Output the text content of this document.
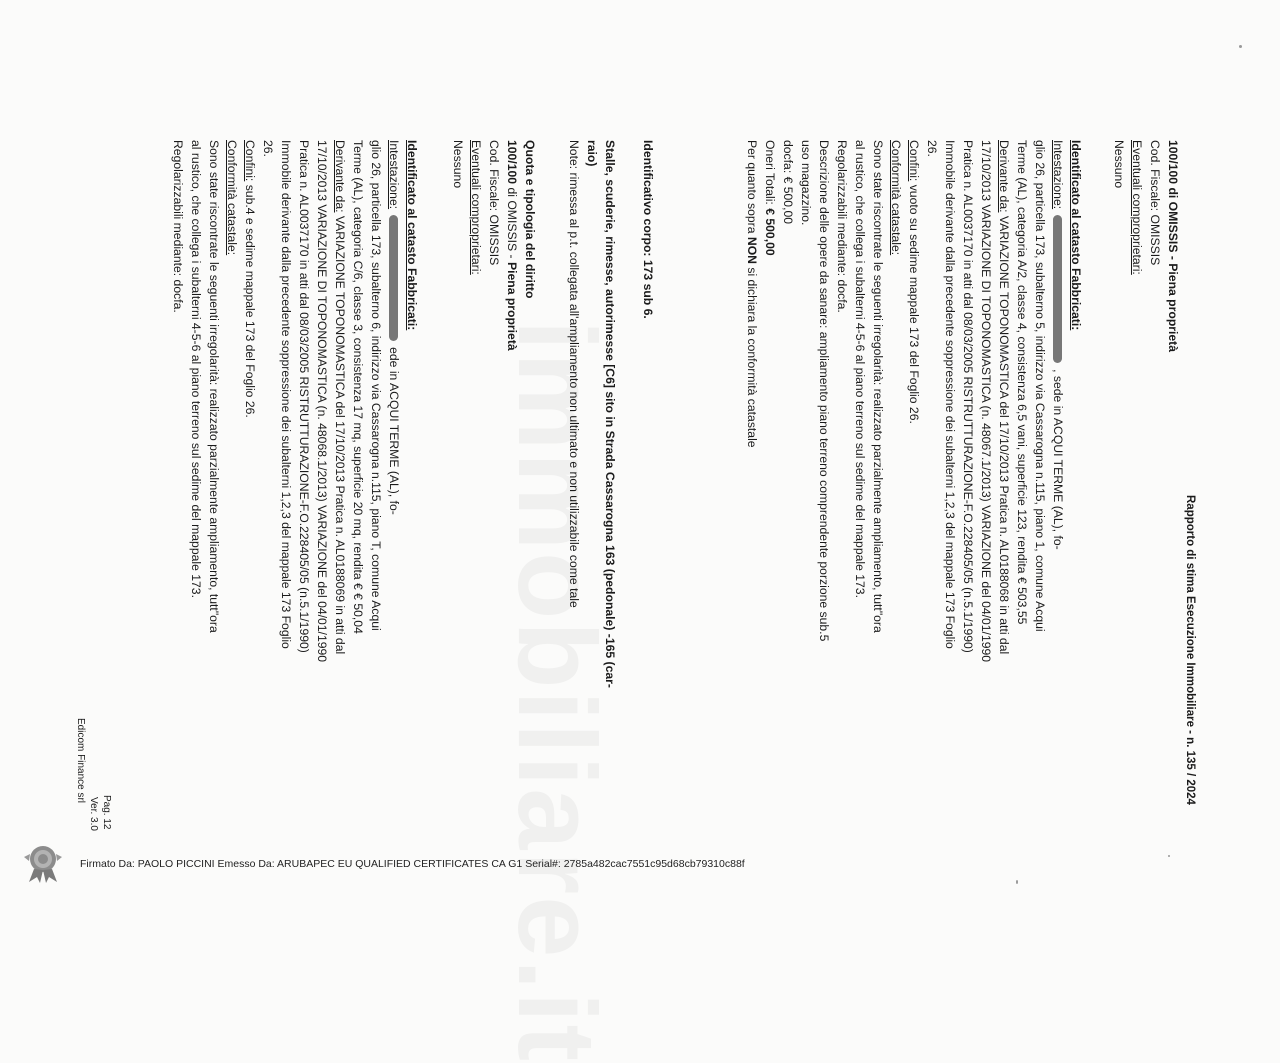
Rapporto di stima Esecuzione Immobiliare - n. 135 / 2024
Pag. 12
Ver. 3.0
Edicom Finance srl
100/100 di OMISSIS - Piena proprietà
Cod. Fiscale: OMISSIS
Eventuali comproprietari:
Nessuno
Identificato al catasto Fabbricati:
Intestazione:, sede in ACQUI TERME (AL), fo-
glio 26, particella 173, subalterno 5, indirizzo via Cassarogna n.115, piano 1, comune Acqui
Terme (AL), categoria A/2, classe 4, consistenza 6,5 vani, superficie 123, rendita € 503,55
Derivante da: VARIAZIONE TOPONOMASTICA del 17/10/2013 Pratica n. AL0188068 in atti dal
17/10/2013 VARIAZIONE DI TOPONOMASTICA (n. 48067.1/2013) VARIAZIONE del 04/01/1990
Pratica n. AL0037170 in atti dal 08/03/2005 RISTRUTTURAZIONE-F.O.228405/05 (n.5.1/1990)
Immobile derivante dalla precedente soppressione dei subalterni 1,2,3 del mappale 173 Foglio
26.
Confini: vuoto su sedime mappale 173 del Foglio 26.
Conformità catastale:
Sono state riscontrate le seguenti irregolarità: realizzato parzialmente ampliamento, tutt"ora
al rustico, che collega i subalterni 4-5-6 al piano terreno sul sedime del mappale 173.
Regolarizzabili mediante: docfa.
Descrizione delle opere da sanare: ampliamento piano terreno comprendente porzione sub.5
uso magazzino.
docfa: € 500,00
Oneri Totali: € 500,00
Per quanto sopra NON si dichiara la conformità catastale
Identificativo corpo: 173 sub 6.
Stalle, scuderie, rimesse, autorimesse [C6] sito in Strada Cassarogna 163 (pedonale) -165 (car-
raio)
Note: rimessa al p.t. collegata all'ampliamento non ultimato e non utilizzabile come tale
Quota e tipologia del diritto
100/100 di OMISSIS - Piena proprietà
Cod. Fiscale: OMISSIS
Eventuali comproprietari:
Nessuno
Identificato al catasto Fabbricati:
Intestazione:ede in ACQUI TERME (AL), fo-
glio 26, particella 173, subalterno 6, indirizzo via Cassarogna n.115, piano T, comune Acqui
Terme (AL), categoria C/6, classe 3, consistenza 17 mq, superficie 20 mq, rendita € € 50,04
Derivante da: VARIAZIONE TOPONOMASTICA del 17/10/2013 Pratica n. AL0188069 in atti dal
17/10/2013 VARIAZIONE DI TOPONOMASTICA (n. 48068.1/2013) VARIAZIONE del 04/01/1990
Pratica n. AL0037170 in atti dal 08/03/2005 RISTRUTTURAZIONE-F.O.228405/05 (n.5.1/1990)
Immobile derivante dalla precedente soppressione dei subalterni 1,2,3 del mappale 173 Foglio
26.
Confini: sub.4 e sedime mappale 173 del Foglio 26.
Conformità catastale:
Sono state riscontrate le seguenti irregolarità: realizzato parzialmente ampliamento, tutt"ora
al rustico, che collega i subalterni 4-5-6 al piano terreno sul sedime del mappale 173.
Regolarizzabili mediante: docfa.
Firmato Da: PAOLO PICCINI Emesso Da: ARUBAPEC EU QUALIFIED CERTIFICATES CA G1 Serial#: 2785a482cac7551c95d68cb79310c88f
